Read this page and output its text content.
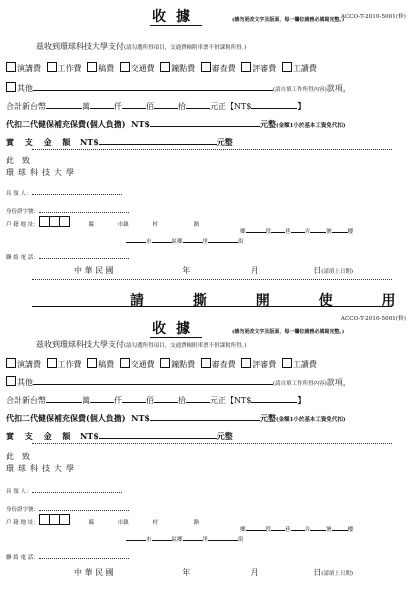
ACCO-T-2010-5001(修)
收據	(請勿更改文字及版面，每一欄位請務必填寫完整。)
茲收到環球科技大學支付(請勾選所得項目，交通費檢附車票不併課稅所得。)
演講費 工作費 稿費 交通費 鐘點費 審查費 評審費 工讀費
其他	(請自填工作所得內容)款項，
合計新台幣	萬	仟	佰	拾	元正【NT$	】
代扣二代健保補充保費(個人負擔) NT$	元整(金額1小於基本工資免代扣)
實 支 金 額 NT$	元整
此　致
環球科技大學
具 領 人：
身份證字號：
戶 籍 地 址：	縣	市鎮	村	路
鄉	段	巷	弄	號	樓
市	區鄉	里	街
聯 絡 電 話：
中 華 民 國	年	月	日(請填上日期)
請 撕 開 使 用
ACCO-T-2010-5001(修)
收據	(請勿更改文字及版面，每一欄位請務必填寫完整。)
茲收到環球科技大學支付(請勾選所得項目，交通費檢附車票不併課稅所得。)
演講費 工作費 稿費 交通費 鐘點費 審查費 評審費 工讀費
其他	(請自填工作所得內容)款項，
合計新台幣	萬	仟	佰	拾	元正【NT$	】
代扣二代健保補充保費(個人負擔) NT$	元整(金額1小於基本工資免代扣)
實 支 金 額 NT$	元整
此　致
環球科技大學
具 領 人：
身份證字號：
戶 籍 地 址：	縣	市鎮	村	路
鄉	段	巷	弄	號	樓
市	區鄉	里	街
聯 絡 電 話：
中 華 民 國	年	月	日(請填上日期)
